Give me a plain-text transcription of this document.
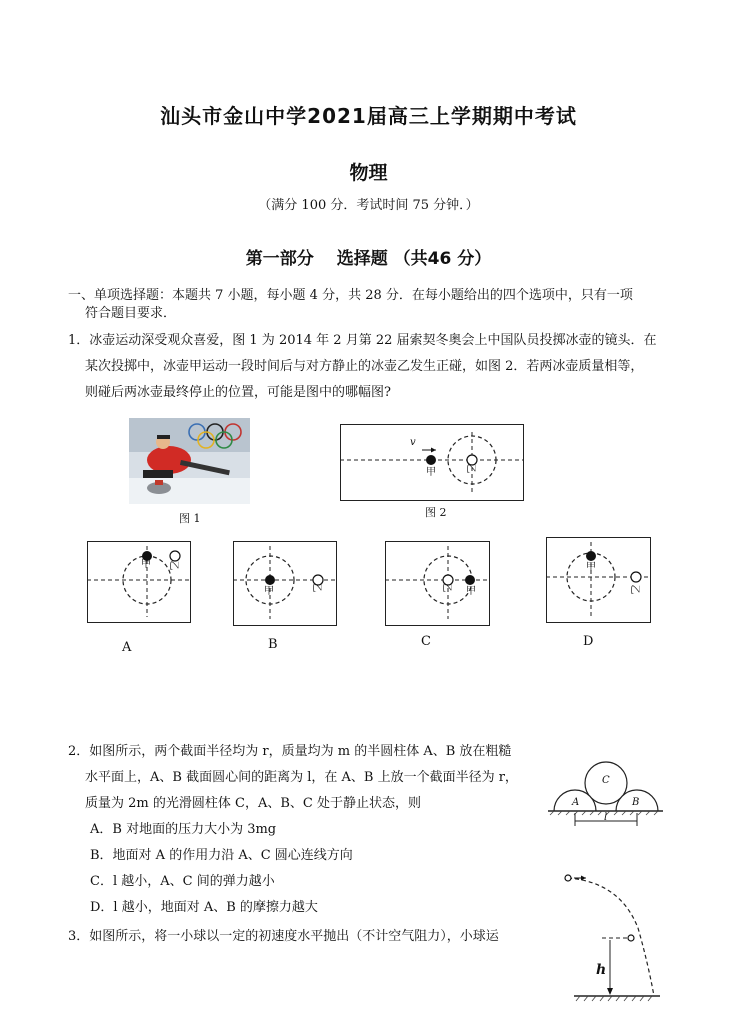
汕头市金山中学2021届高三上学期期中考试
物理
（满分 100 分．考试时间 75 分钟．）
第一部分　 选择题 （共46 分）
一、单项选择题：本题共 7 小题，每小题 4 分，共 28 分．在每小题给出的四个选项中，只有一项
符合题目要求．
1．冰壶运动深受观众喜爱，图 1 为 2014 年 2 月第 22 届索契冬奥会上中国队员投掷冰壶的镜头．在
某次投掷中，冰壶甲运动一段时间后与对方静止的冰壶乙发生正碰，如图 2．若两冰壶质量相等，
则碰后两冰壶最终停止的位置，可能是图中的哪幅图?
图 1
v
甲	乙
图 2
甲 乙
A
甲	乙
B
乙	甲
C
甲
乙
D
2．如图所示，两个截面半径均为 r，质量均为 m 的半圆柱体 A、B 放在粗糙
水平面上，A、B 截面圆心间的距离为 l，在 A、B 上放一个截面半径为 r，
质量为 2m 的光滑圆柱体 C，A、B、C 处于静止状态，则
A．B 对地面的压力大小为 3mg
B．地面对 A 的作用力沿 A、C 圆心连线方向
C．l 越小，A、C 间的弹力越小
D．l 越小，地面对 A、B 的摩擦力越大
C
A	B
l
3．如图所示，将一小球以一定的初速度水平抛出（不计空气阻力），小球运
h
